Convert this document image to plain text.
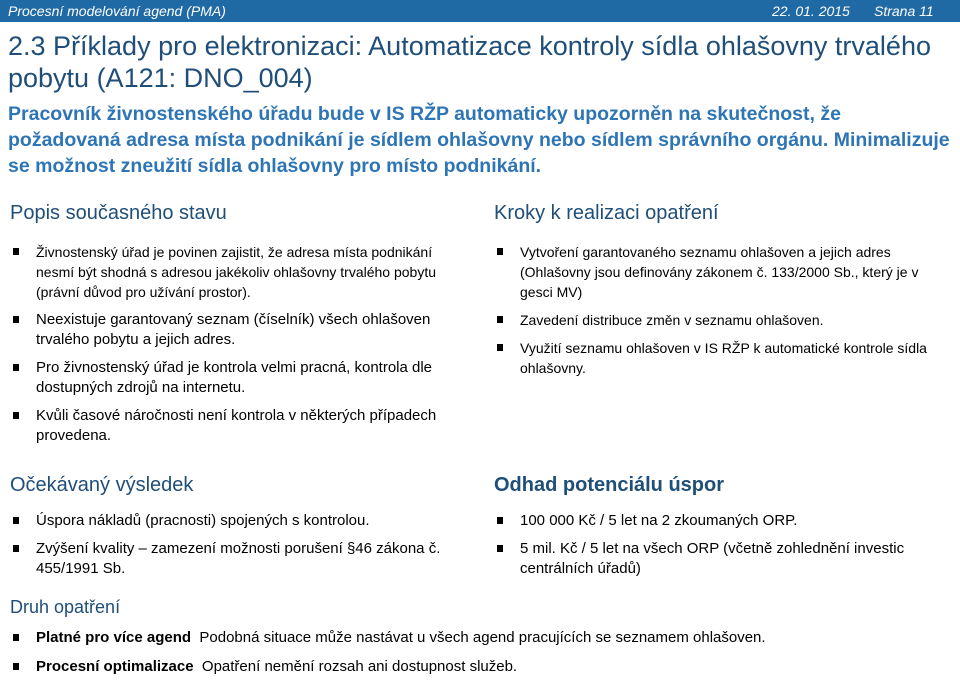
Procesní modelování agend (PMA)	22. 01. 2015 Strana 11
2.3 Příklady pro elektronizaci: Automatizace kontroly sídla ohlašovny trvalého pobytu (A121: DNO_004)
Pracovník živnostenského úřadu bude v IS RŽP automaticky upozorněn na skutečnost, že požadovaná adresa místa podnikání je sídlem ohlašovny nebo sídlem správního orgánu. Minimalizuje se možnost zneužití sídla ohlašovny pro místo podnikání.
Popis současného stavu
Živnostenský úřad je povinen zajistit, že adresa místa podnikání nesmí být shodná s adresou jakékoliv ohlašovny trvalého pobytu (právní důvod pro užívání prostor).
Neexistuje garantovaný seznam (číselník) všech ohlašoven trvalého pobytu a jejich adres.
Pro živnostenský úřad je kontrola velmi pracná, kontrola dle dostupných zdrojů na internetu.
Kvůli časové náročnosti není kontrola v některých případech provedena.
Kroky k realizaci opatření
Vytvoření garantovaného seznamu ohlašoven a jejich adres (Ohlašovny jsou definovány zákonem č. 133/2000 Sb., který je v gesci MV)
Zavedení distribuce změn v seznamu ohlašoven.
Využití seznamu ohlašoven v IS RŽP k automatické kontrole sídla ohlašovny.
Očekávaný výsledek
Úspora nákladů (pracnosti) spojených s kontrolou.
Zvýšení kvality – zamezení možnosti porušení §46 zákona č. 455/1991 Sb.
Odhad potenciálu úspor
100 000 Kč / 5 let na 2 zkoumaných ORP.
5 mil. Kč / 5 let na všech ORP (včetně zohlednění investic centrálních úřadů)
Druh opatření
Platné pro více agend Podobná situace může nastávat u všech agend pracujících se seznamem ohlašoven.
Procesní optimalizace Opatření nemění rozsah ani dostupnost služeb.
